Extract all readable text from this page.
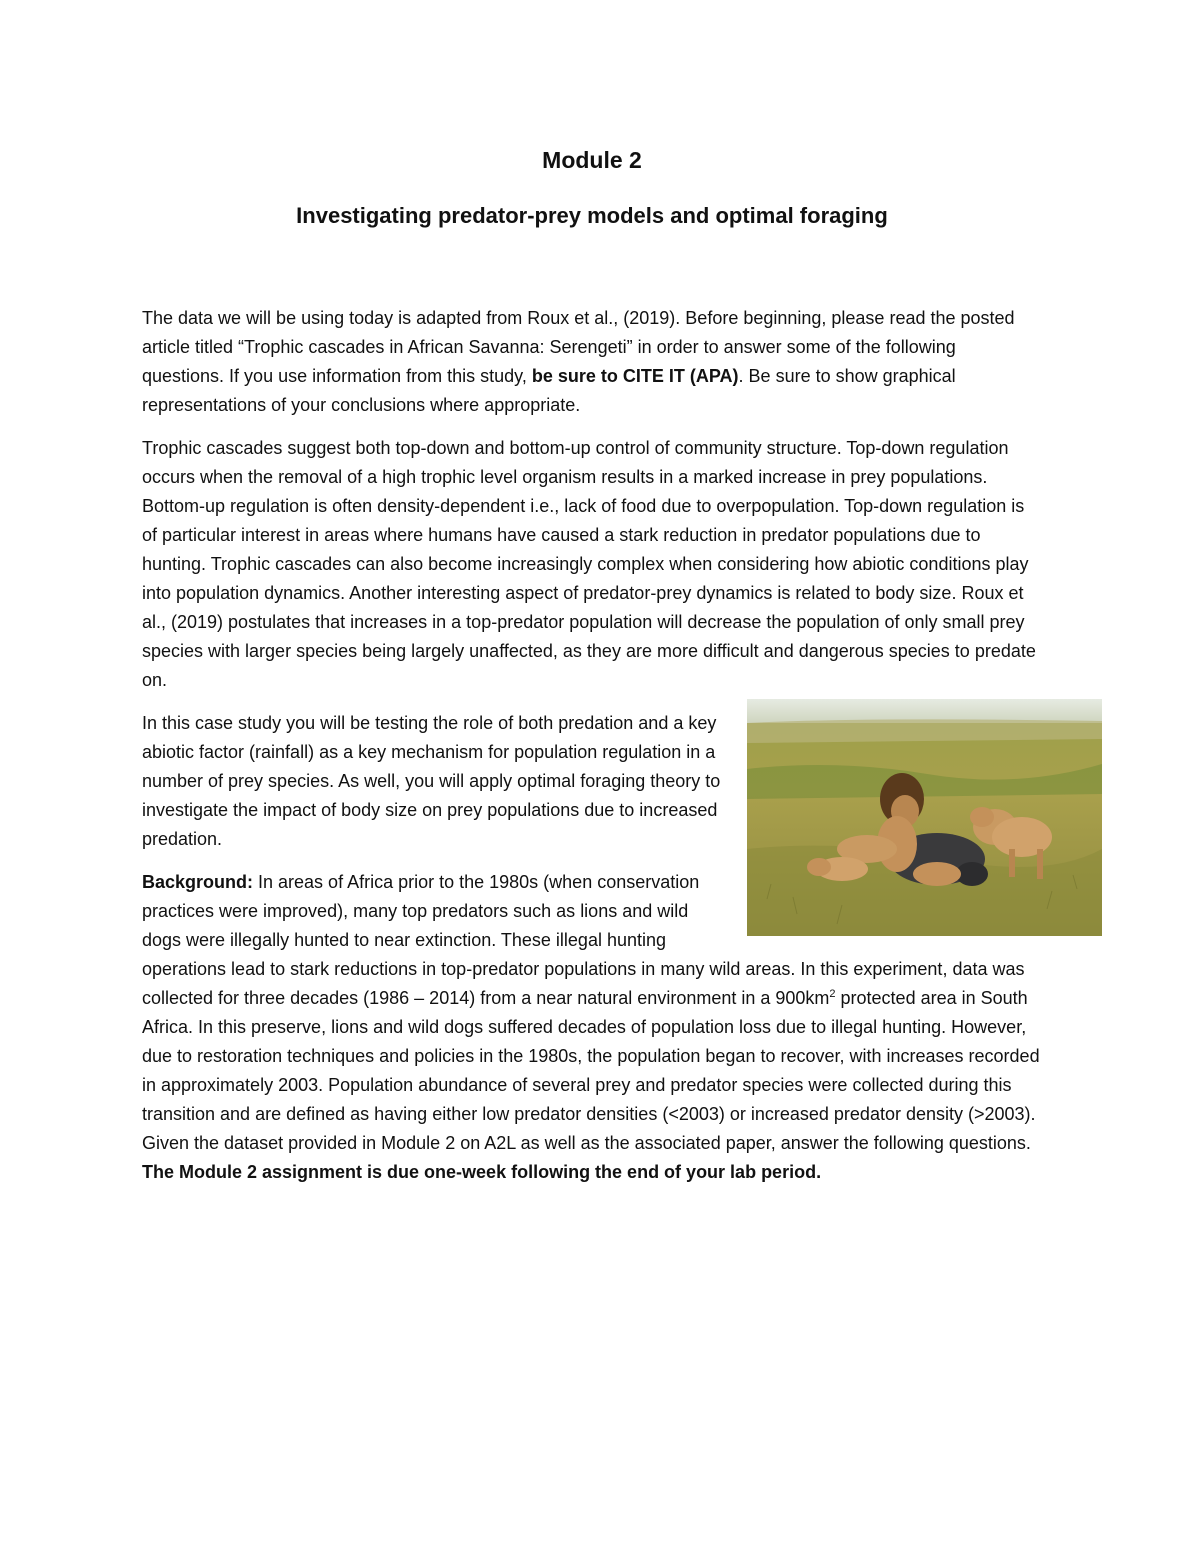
Module 2
Investigating predator-prey models and optimal foraging

The data we will be using today is adapted from Roux et al., (2019). Before beginning, please read the posted article titled “Trophic cascades in African Savanna: Serengeti” in order to answer some of the following questions. If you use information from this study, be sure to CITE IT (APA). Be sure to show graphical representations of your conclusions where appropriate.

Trophic cascades suggest both top-down and bottom-up control of community structure. Top-down regulation occurs when the removal of a high trophic level organism results in a marked increase in prey populations. Bottom-up regulation is often density-dependent i.e., lack of food due to overpopulation. Top-down regulation is of particular interest in areas where humans have caused a stark reduction in predator populations due to hunting. Trophic cascades can also become increasingly complex when considering how abiotic conditions play into population dynamics. Another interesting aspect of predator-prey dynamics is related to body size. Roux et al., (2019) postulates that increases in a top-predator population will decrease the population of only small prey species with larger species being largely unaffected, as they are more difficult and dangerous species to predate on.

In this case study you will be testing the role of both predation and a key abiotic factor (rainfall) as a key mechanism for population regulation in a number of prey species. As well, you will apply optimal foraging theory to investigate the impact of body size on prey populations due to increased predation.

Background: In areas of Africa prior to the 1980s (when conservation practices were improved), many top predators such as lions and wild dogs were illegally hunted to near extinction. These illegal hunting operations lead to stark reductions in top-predator populations in many wild areas. In this experiment, data was collected for three decades (1986 – 2014) from a near natural environment in a $900km^2$ protected area in South Africa. In this preserve, lions and wild dogs suffered decades of population loss due to illegal hunting. However, due to restoration techniques and policies in the 1980s, the population began to recover, with increases recorded in approximately 2003. Population abundance of several prey and predator species were collected during this transition and are defined as having either low predator densities (<2003) or increased predator density (>2003). Given the dataset provided in Module 2 on A2L as well as the associated paper, answer the following questions. The Module 2 assignment is due one-week following the end of your lab period.
